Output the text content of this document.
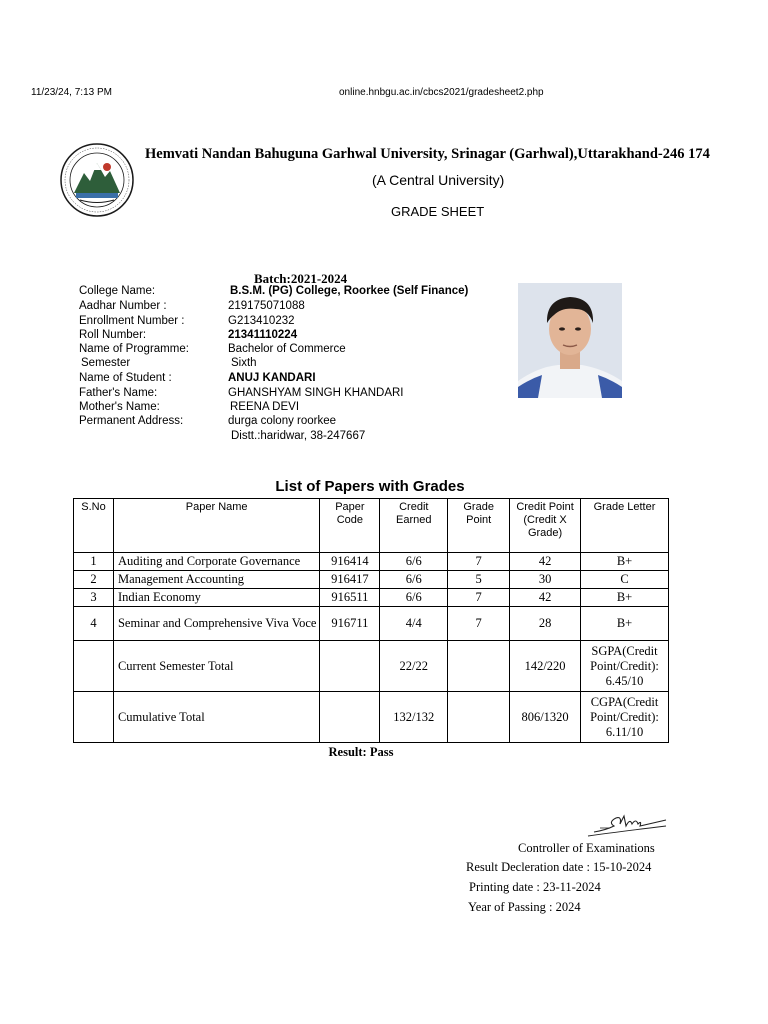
11/23/24, 7:13 PM	online.hnbgu.ac.in/cbcs2021/gradesheet2.php
Hemvati Nandan Bahuguna Garhwal University, Srinagar (Garhwal),Uttarakhand-246 174
(A Central University)
GRADE SHEET
Batch:2021-2024
College Name:	B.S.M. (PG) College, Roorkee (Self Finance)
Aadhar Number :	219175071088
Enrollment Number :	G213410232
Roll Number:	21341110224
Name of Programme:	Bachelor of Commerce
Semester	Sixth
Name of Student :	ANUJ KANDARI
Father's Name:	GHANSHYAM SINGH KHANDARI
Mother's Name:	REENA DEVI
Permanent Address:	durga colony roorkee
Distt.:haridwar, 38-247667
List of Papers with Grades
S.No	Paper Name	Paper Code	Credit Earned	Grade Point	Credit Point (Credit X Grade)	Grade Letter
1	Auditing and Corporate Governance	916414	6/6	7	42	B+
2	Management Accounting	916417	6/6	5	30	C
3	Indian Economy	916511	6/6	7	42	B+
4	Seminar and Comprehensive Viva Voce	916711	4/4	7	28	B+
	Current Semester Total		22/22		142/220	SGPA(Credit Point/Credit): 6.45/10
	Cumulative Total		132/132		806/1320	CGPA(Credit Point/Credit): 6.11/10
Result: Pass
Controller of Examinations
Result Decleration date : 15-10-2024
Printing date : 23-11-2024
Year of Passing : 2024
